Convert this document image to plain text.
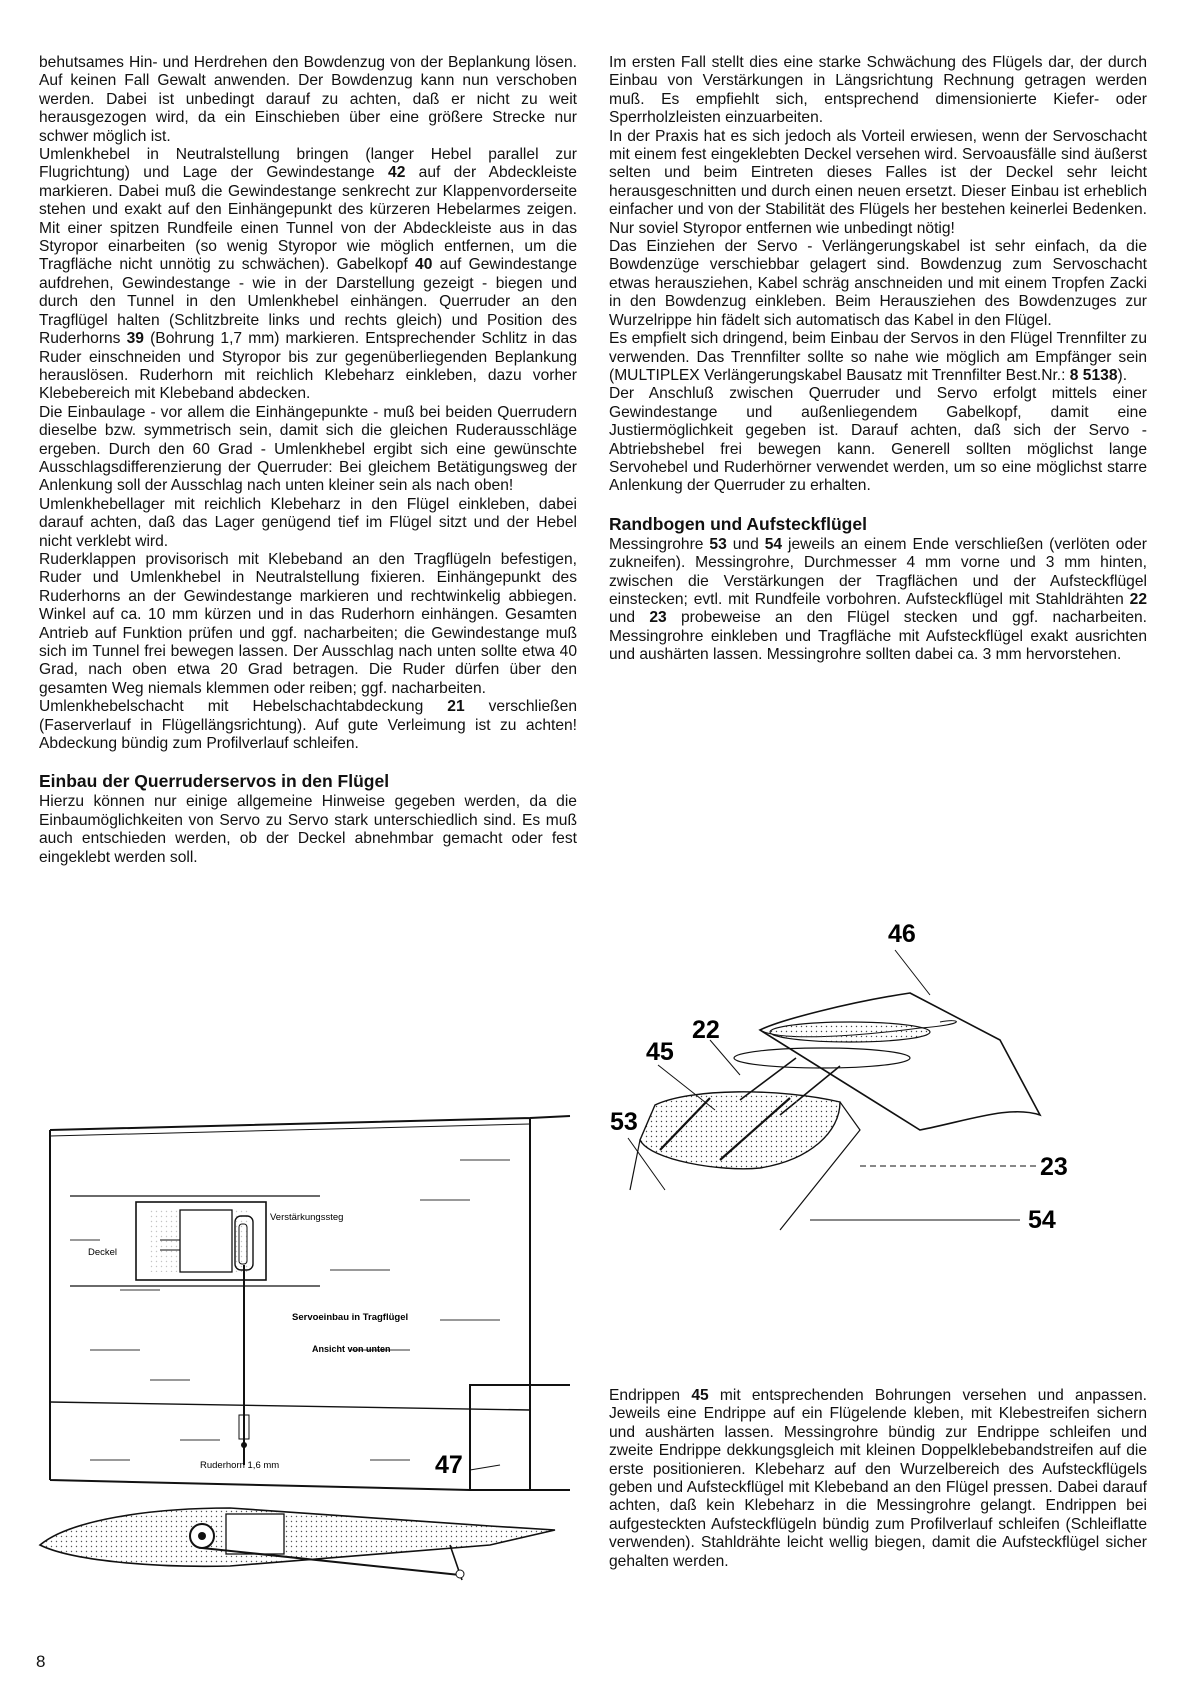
behutsames Hin- und Herdrehen den Bowdenzug von der Beplankung lösen. Auf keinen Fall Gewalt anwenden. Der Bowdenzug kann nun verschoben werden. Dabei ist unbedingt darauf zu achten, daß er nicht zu weit herausgezogen wird, da ein Einschieben über eine größere Strecke nur schwer möglich ist.

Umlenkhebel in Neutralstellung bringen (langer Hebel parallel zur Flugrichtung) und Lage der Gewindestange 42 auf der Abdeckleiste markieren. Dabei muß die Gewindestange senkrecht zur Klappenvorderseite stehen und exakt auf den Einhängepunkt des kürzeren Hebelarmes zeigen. Mit einer spitzen Rundfeile einen Tunnel von der Abdeckleiste aus in das Styropor einarbeiten (so wenig Styropor wie möglich entfernen, um die Tragfläche nicht unnötig zu schwächen). Gabelkopf 40 auf Gewindestange aufdrehen, Gewindestange - wie in der Darstellung gezeigt - biegen und durch den Tunnel in den Umlenkhebel einhängen. Querruder an den Tragflügel halten (Schlitzbreite links und rechts gleich) und Position des Ruderhorns 39 (Bohrung 1,7 mm) markieren. Entsprechender Schlitz in das Ruder einschneiden und Styropor bis zur gegenüberliegenden Beplankung herauslösen. Ruderhorn mit reichlich Klebeharz einkleben, dazu vorher Klebebereich mit Klebeband abdecken.

Die Einbaulage - vor allem die Einhängepunkte - muß bei beiden Querrudern dieselbe bzw. symmetrisch sein, damit sich die gleichen Ruderausschläge ergeben. Durch den 60 Grad - Umlenkhebel ergibt sich eine gewünschte Ausschlagsdifferenzierung der Querruder: Bei gleichem Betätigungsweg der Anlenkung soll der Ausschlag nach unten kleiner sein als nach oben!

Umlenkhebellager mit reichlich Klebeharz in den Flügel einkleben, dabei darauf achten, daß das Lager genügend tief im Flügel sitzt und der Hebel nicht verklebt wird.

Ruderklappen provisorisch mit Klebeband an den Tragflügeln befestigen, Ruder und Umlenkhebel in Neutralstellung fixieren. Einhängepunkt des Ruderhorns an der Gewindestange markieren und rechtwinkelig abbiegen. Winkel auf ca. 10 mm kürzen und in das Ruderhorn einhängen. Gesamten Antrieb auf Funktion prüfen und ggf. nacharbeiten; die Gewindestange muß sich im Tunnel frei bewegen lassen. Der Ausschlag nach unten sollte etwa 40 Grad, nach oben etwa 20 Grad betragen. Die Ruder dürfen über den gesamten Weg niemals klemmen oder reiben; ggf. nacharbeiten.

Umlenkhebelschacht mit Hebelschachtabdeckung 21 verschließen (Faserverlauf in Flügellängsrichtung). Auf gute Verleimung ist zu achten! Abdeckung bündig zum Profilverlauf schleifen.

Einbau der Querruderservos in den Flügel

Hierzu können nur einige allgemeine Hinweise gegeben werden, da die Einbaumöglichkeiten von Servo zu Servo stark unterschiedlich sind. Es muß auch entschieden werden, ob der Deckel abnehmbar gemacht oder fest eingeklebt werden soll.

Im ersten Fall stellt dies eine starke Schwächung des Flügels dar, der durch Einbau von Verstärkungen in Längsrichtung Rechnung getragen werden muß. Es empfiehlt sich, entsprechend dimensionierte Kiefer- oder Sperrholzleisten einzuarbeiten.

In der Praxis hat es sich jedoch als Vorteil erwiesen, wenn der Servoschacht mit einem fest eingeklebten Deckel versehen wird. Servoausfälle sind äußerst selten und beim Eintreten dieses Falles ist der Deckel sehr leicht herausgeschnitten und durch einen neuen ersetzt. Dieser Einbau ist erheblich einfacher und von der Stabilität des Flügels her bestehen keinerlei Bedenken. Nur soviel Styropor entfernen wie unbedingt nötig!

Das Einziehen der Servo - Verlängerungskabel ist sehr einfach, da die Bowdenzüge verschiebbar gelagert sind. Bowdenzug zum Servoschacht etwas herausziehen, Kabel schräg anschneiden und mit einem Tropfen Zacki in den Bowdenzug einkleben. Beim Herausziehen des Bowdenzuges zur Wurzelrippe hin fädelt sich automatisch das Kabel in den Flügel.

Es empfielt sich dringend, beim Einbau der Servos in den Flügel Trennfilter zu verwenden. Das Trennfilter sollte so nahe wie möglich am Empfänger sein (MULTIPLEX Verlängerungskabel Bausatz mit Trennfilter Best.Nr.: 8 5138).

Der Anschluß zwischen Querruder und Servo erfolgt mittels einer Gewindestange und außenliegendem Gabelkopf, damit eine Justiermöglichkeit gegeben ist. Darauf achten, daß sich der Servo - Abtriebshebel frei bewegen kann. Generell sollten möglichst lange Servohebel und Ruderhörner verwendet werden, um so eine möglichst starre Anlenkung der Querruder zu erhalten.

Randbogen und Aufsteckflügel

Messingrohre 53 und 54 jeweils an einem Ende verschließen (verlöten oder zukneifen). Messingrohre, Durchmesser 4 mm vorne und 3 mm hinten, zwischen die Verstärkungen der Tragflächen und der Aufsteckflügel einstecken; evtl. mit Rundfeile vorbohren. Aufsteckflügel mit Stahldrähten 22 und 23 probeweise an den Flügel stecken und ggf. nacharbeiten. Messingrohre einkleben und Tragfläche mit Aufsteckflügel exakt ausrichten und aushärten lassen. Messingrohre sollten dabei ca. 3 mm hervorstehen.

Endrippen 45 mit entsprechenden Bohrungen versehen und anpassen. Jeweils eine Endrippe auf ein Flügelende kleben, mit Klebestreifen sichern und aushärten lassen. Messingrohre bündig zur Endrippe schleifen und zweite Endrippe dekkungsgleich mit kleinen Doppelklebebandstreifen auf die erste positionieren. Klebeharz auf den Wurzelbereich des Aufsteckflügels geben und Aufsteckflügel mit Klebeband an den Flügel pressen. Dabei darauf achten, daß kein Klebeharz in die Messingrohre gelangt. Endrippen bei aufgesteckten Aufsteckflügeln bündig zum Profilverlauf schleifen (Schleiflatte verwenden). Stahldrähte leicht wellig biegen, damit die Aufsteckflügel sicher gehalten werden.

Deckel
Verstärkungssteg
Servoeinbau in Tragflügel
Ansicht von unten
Ruderhorn 1,6 mm	47
46
22
45
53
23
54
8
